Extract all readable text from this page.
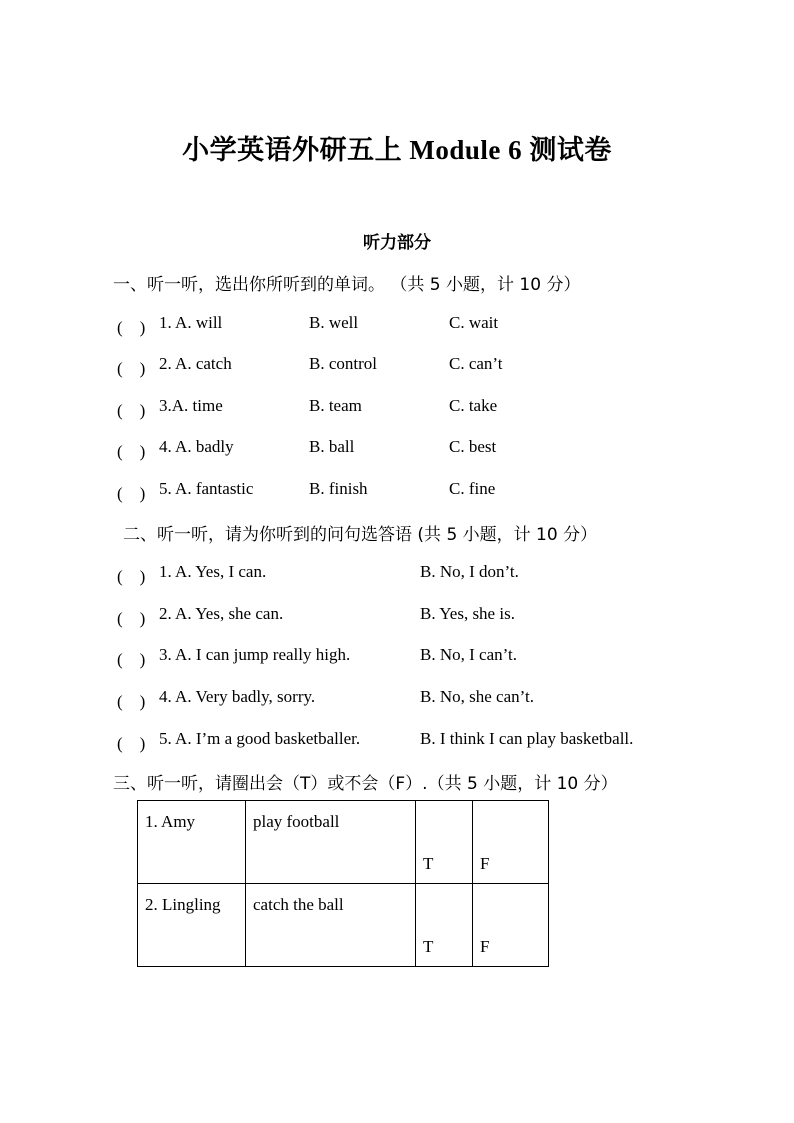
小学英语外研五上 Module 6 测试卷
听力部分
一、听一听，选出你所听到的单词。 （共 5 小题，计 10 分）
(　) 1. A. will	B. well	C. wait
(　) 2. A. catch	B. control	C. can’t
(　) 3.A. time	B. team	C. take
(　) 4. A. badly	B. ball	C. best
(　) 5. A. fantastic	B. finish	C. fine
二、听一听，请为你听到的问句选答语 (共 5 小题，计 10 分）
(　) 1. A. Yes, I can.	B. No, I don’t.
(　) 2. A. Yes, she can.	B. Yes, she is.
(　) 3. A. I can jump really high.	B. No, I can’t.
(　) 4. A. Very badly, sorry.	B. No, she can’t.
(　) 5. A. I’m a good basketballer.	B. I think I can play basketball.
三、听一听，请圈出会（T）或不会（F）.（共 5 小题，计 10 分）
1. Amy	play football	T	F

2. Lingling	catch the ball	T	F
